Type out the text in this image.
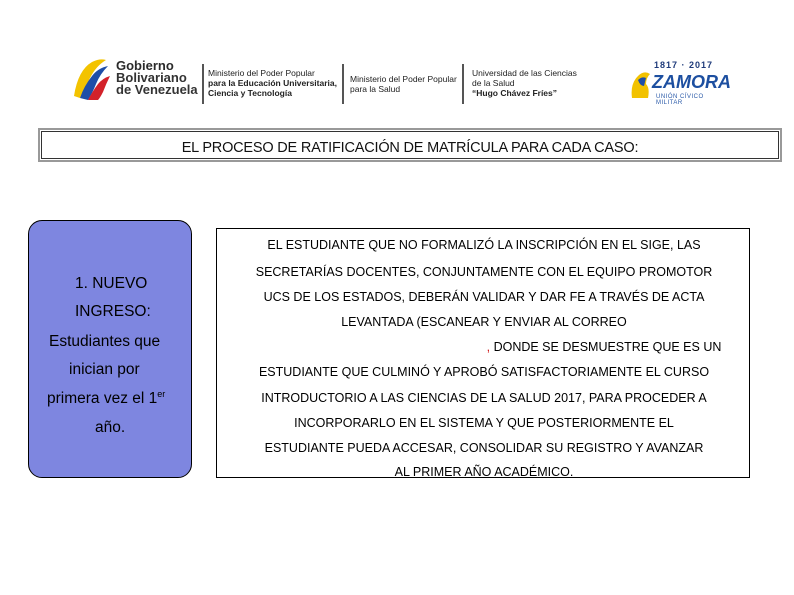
Gobierno
Bolivariano
de Venezuela
Ministerio del Poder Popular
para la Educación Universitaria,
Ciencia y Tecnología
Ministerio del Poder Popular
para la Salud
Universidad de las Ciencias
de la Salud
“Hugo Chávez Fríes”
1817 · 2017
ZAMORA
UNIÓN CÍVICO MILITAR
EL PROCESO DE RATIFICACIÓN DE MATRÍCULA PARA CADA CASO:
1. NUEVO
INGRESO:
Estudiantes que
inician por
primera vez el 1er
año.
EL ESTUDIANTE QUE NO FORMALIZÓ LA INSCRIPCIÓN EN EL SIGE, LAS
SECRETARÍAS DOCENTES, CONJUNTAMENTE CON EL EQUIPO PROMOTOR
UCS DE LOS ESTADOS, DEBERÁN VALIDAR Y DAR FE A TRAVÉS DE ACTA
LEVANTADA (ESCANEAR Y ENVIAR AL CORREO
, DONDE SE DESMUESTRE QUE ES UN
ESTUDIANTE QUE CULMINÓ Y APROBÓ SATISFACTORIAMENTE EL CURSO
INTRODUCTORIO A LAS CIENCIAS DE LA SALUD 2017, PARA PROCEDER A
INCORPORARLO EN EL SISTEMA Y QUE POSTERIORMENTE EL
ESTUDIANTE PUEDA ACCESAR, CONSOLIDAR SU REGISTRO Y AVANZAR
AL PRIMER AÑO ACADÉMICO.
